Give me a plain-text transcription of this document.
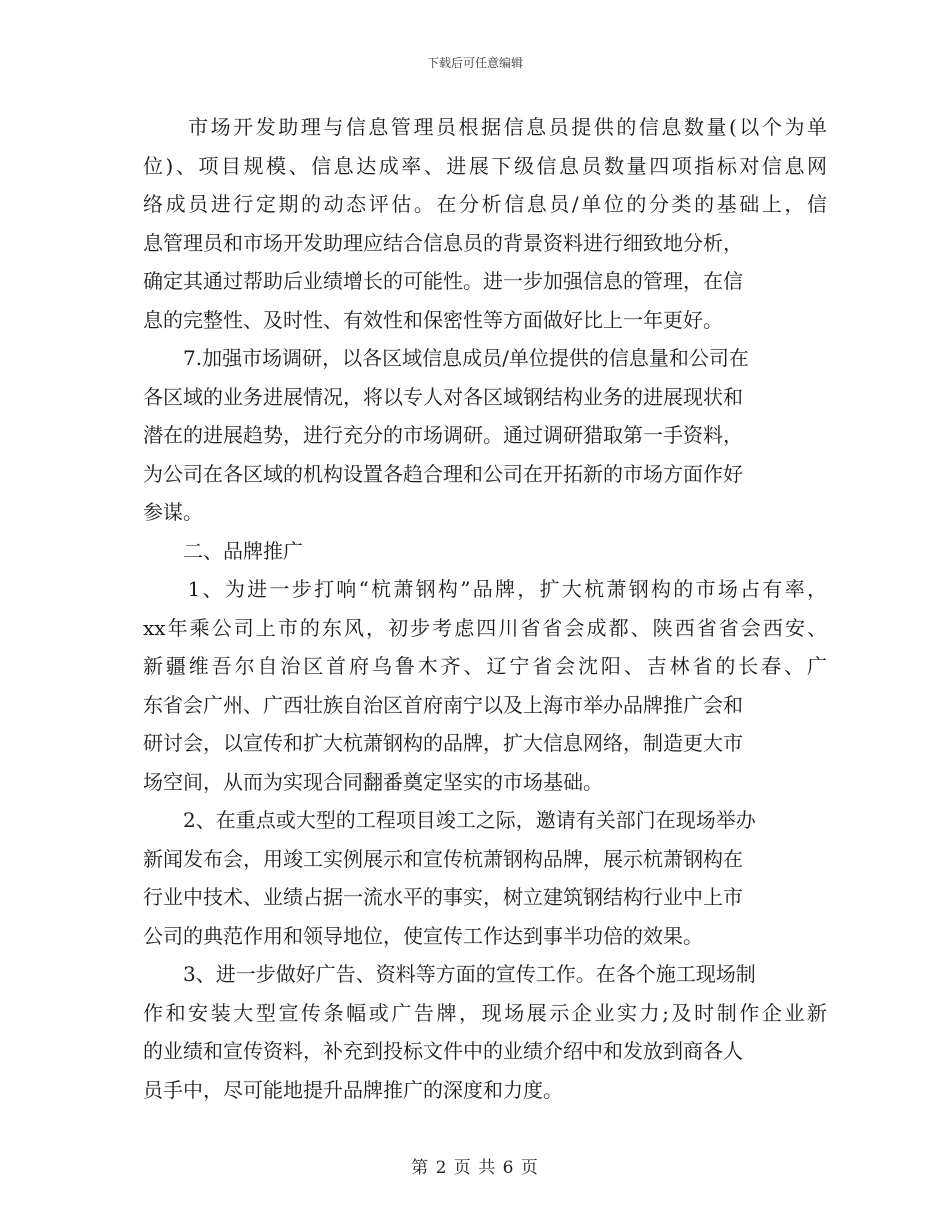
下载后可任意编辑
　　市场开发助理与信息管理员根据信息员提供的信息数量(以个为单
位)、项目规模、信息达成率、进展下级信息员数量四项指标对信息网
络成员进行定期的动态评估。在分析信息员/单位的分类的基础上，信
息管理员和市场开发助理应结合信息员的背景资料进行细致地分析，
确定其通过帮助后业绩增长的可能性。进一步加强信息的管理，在信
息的完整性、及时性、有效性和保密性等方面做好比上一年更好。
　　7.加强市场调研，以各区域信息成员/单位提供的信息量和公司在
各区域的业务进展情况，将以专人对各区域钢结构业务的进展现状和
潜在的进展趋势，进行充分的市场调研。通过调研猎取第一手资料，
为公司在各区域的机构设置各趋合理和公司在开拓新的市场方面作好
参谋。
　　二、品牌推广
　　1、为进一步打响“杭萧钢构”品牌，扩大杭萧钢构的市场占有率，
xx年乘公司上市的东风，初步考虑四川省省会成都、陕西省省会西安、
新疆维吾尔自治区首府乌鲁木齐、辽宁省会沈阳、吉林省的长春、广
东省会广州、广西壮族自治区首府南宁以及上海市举办品牌推广会和
研讨会，以宣传和扩大杭萧钢构的品牌，扩大信息网络，制造更大市
场空间，从而为实现合同翻番奠定坚实的市场基础。
　　2、在重点或大型的工程项目竣工之际，邀请有关部门在现场举办
新闻发布会，用竣工实例展示和宣传杭萧钢构品牌，展示杭萧钢构在
行业中技术、业绩占据一流水平的事实，树立建筑钢结构行业中上市
公司的典范作用和领导地位，使宣传工作达到事半功倍的效果。
　　3、进一步做好广告、资料等方面的宣传工作。在各个施工现场制
作和安装大型宣传条幅或广告牌，现场展示企业实力;及时制作企业新
的业绩和宣传资料，补充到投标文件中的业绩介绍中和发放到商各人
员手中，尽可能地提升品牌推广的深度和力度。
第 2 页 共 6 页
